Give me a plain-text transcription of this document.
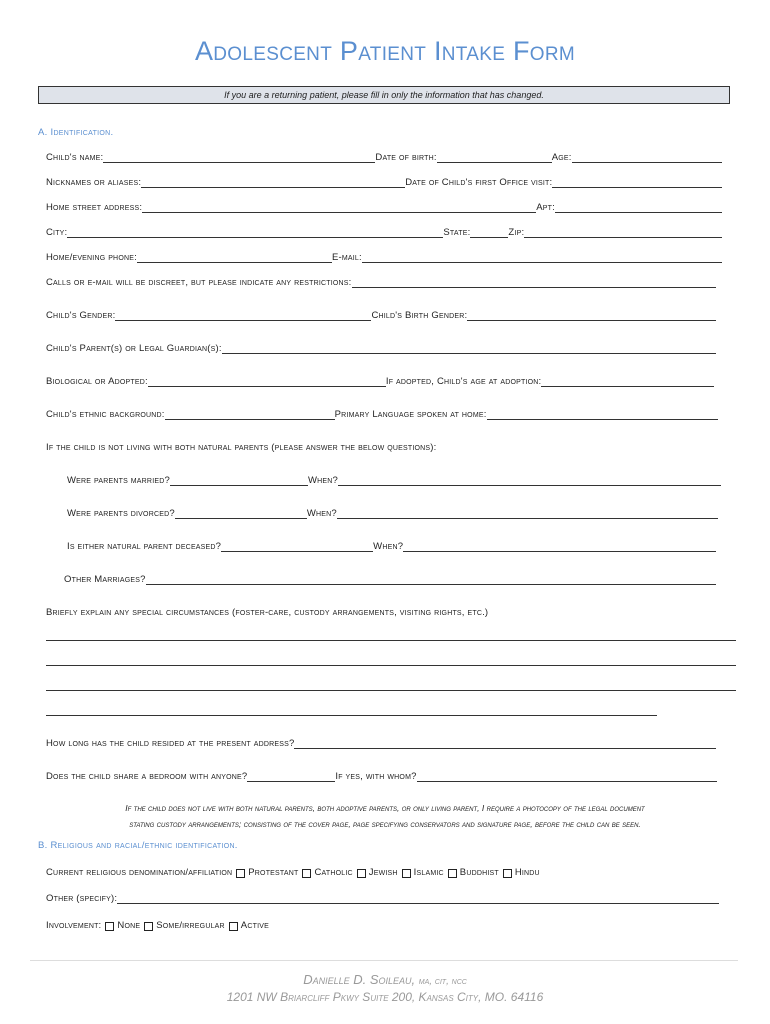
Adolescent Patient Intake Form
If you are a returning patient, please fill in only the information that has changed.
A. Identification.
Child's name:	Date of birth:	Age:
Nicknames or aliases:	Date of Child's first Office visit:
Home street address:	Apt:
City:	State:	Zip:
Home/evening phone:	E-mail:
Calls or e-mail will be discreet, but please indicate any restrictions:
Child's Gender:	Child's Birth Gender:
Child's Parent(s) or Legal Guardian(s):
Biological or Adopted:	If adopted, Child's age at adoption:
Child's ethnic background:	Primary Language spoken at home:
If the child is not living with both natural parents (please answer the below questions):
Were parents married?	When?
Were parents divorced?	When?
Is either natural parent deceased?	When?
Other Marriages?
Briefly explain any special circumstances (foster-care, custody arrangements, visiting rights, etc.)
How long has the child resided at the present address?
Does the child share a bedroom with anyone?	If yes, with whom?
If the child does not live with both natural parents, both adoptive parents, or only living parent, I require a photocopy of the legal document
stating custody arrangements; consisting of the cover page, page specifying conservators and signature page, before the child can be seen.
B. Religious and racial/ethnic identification.
Current religious denomination/affiliation Protestant Catholic Jewish Islamic Buddhist Hindu
Other (specify):
Involvement: None Some/irregular Active
Danielle D. Soileau, ma, cit, ncc
1201 NW Briarcliff Pkwy Suite 200, Kansas City, MO. 64116
